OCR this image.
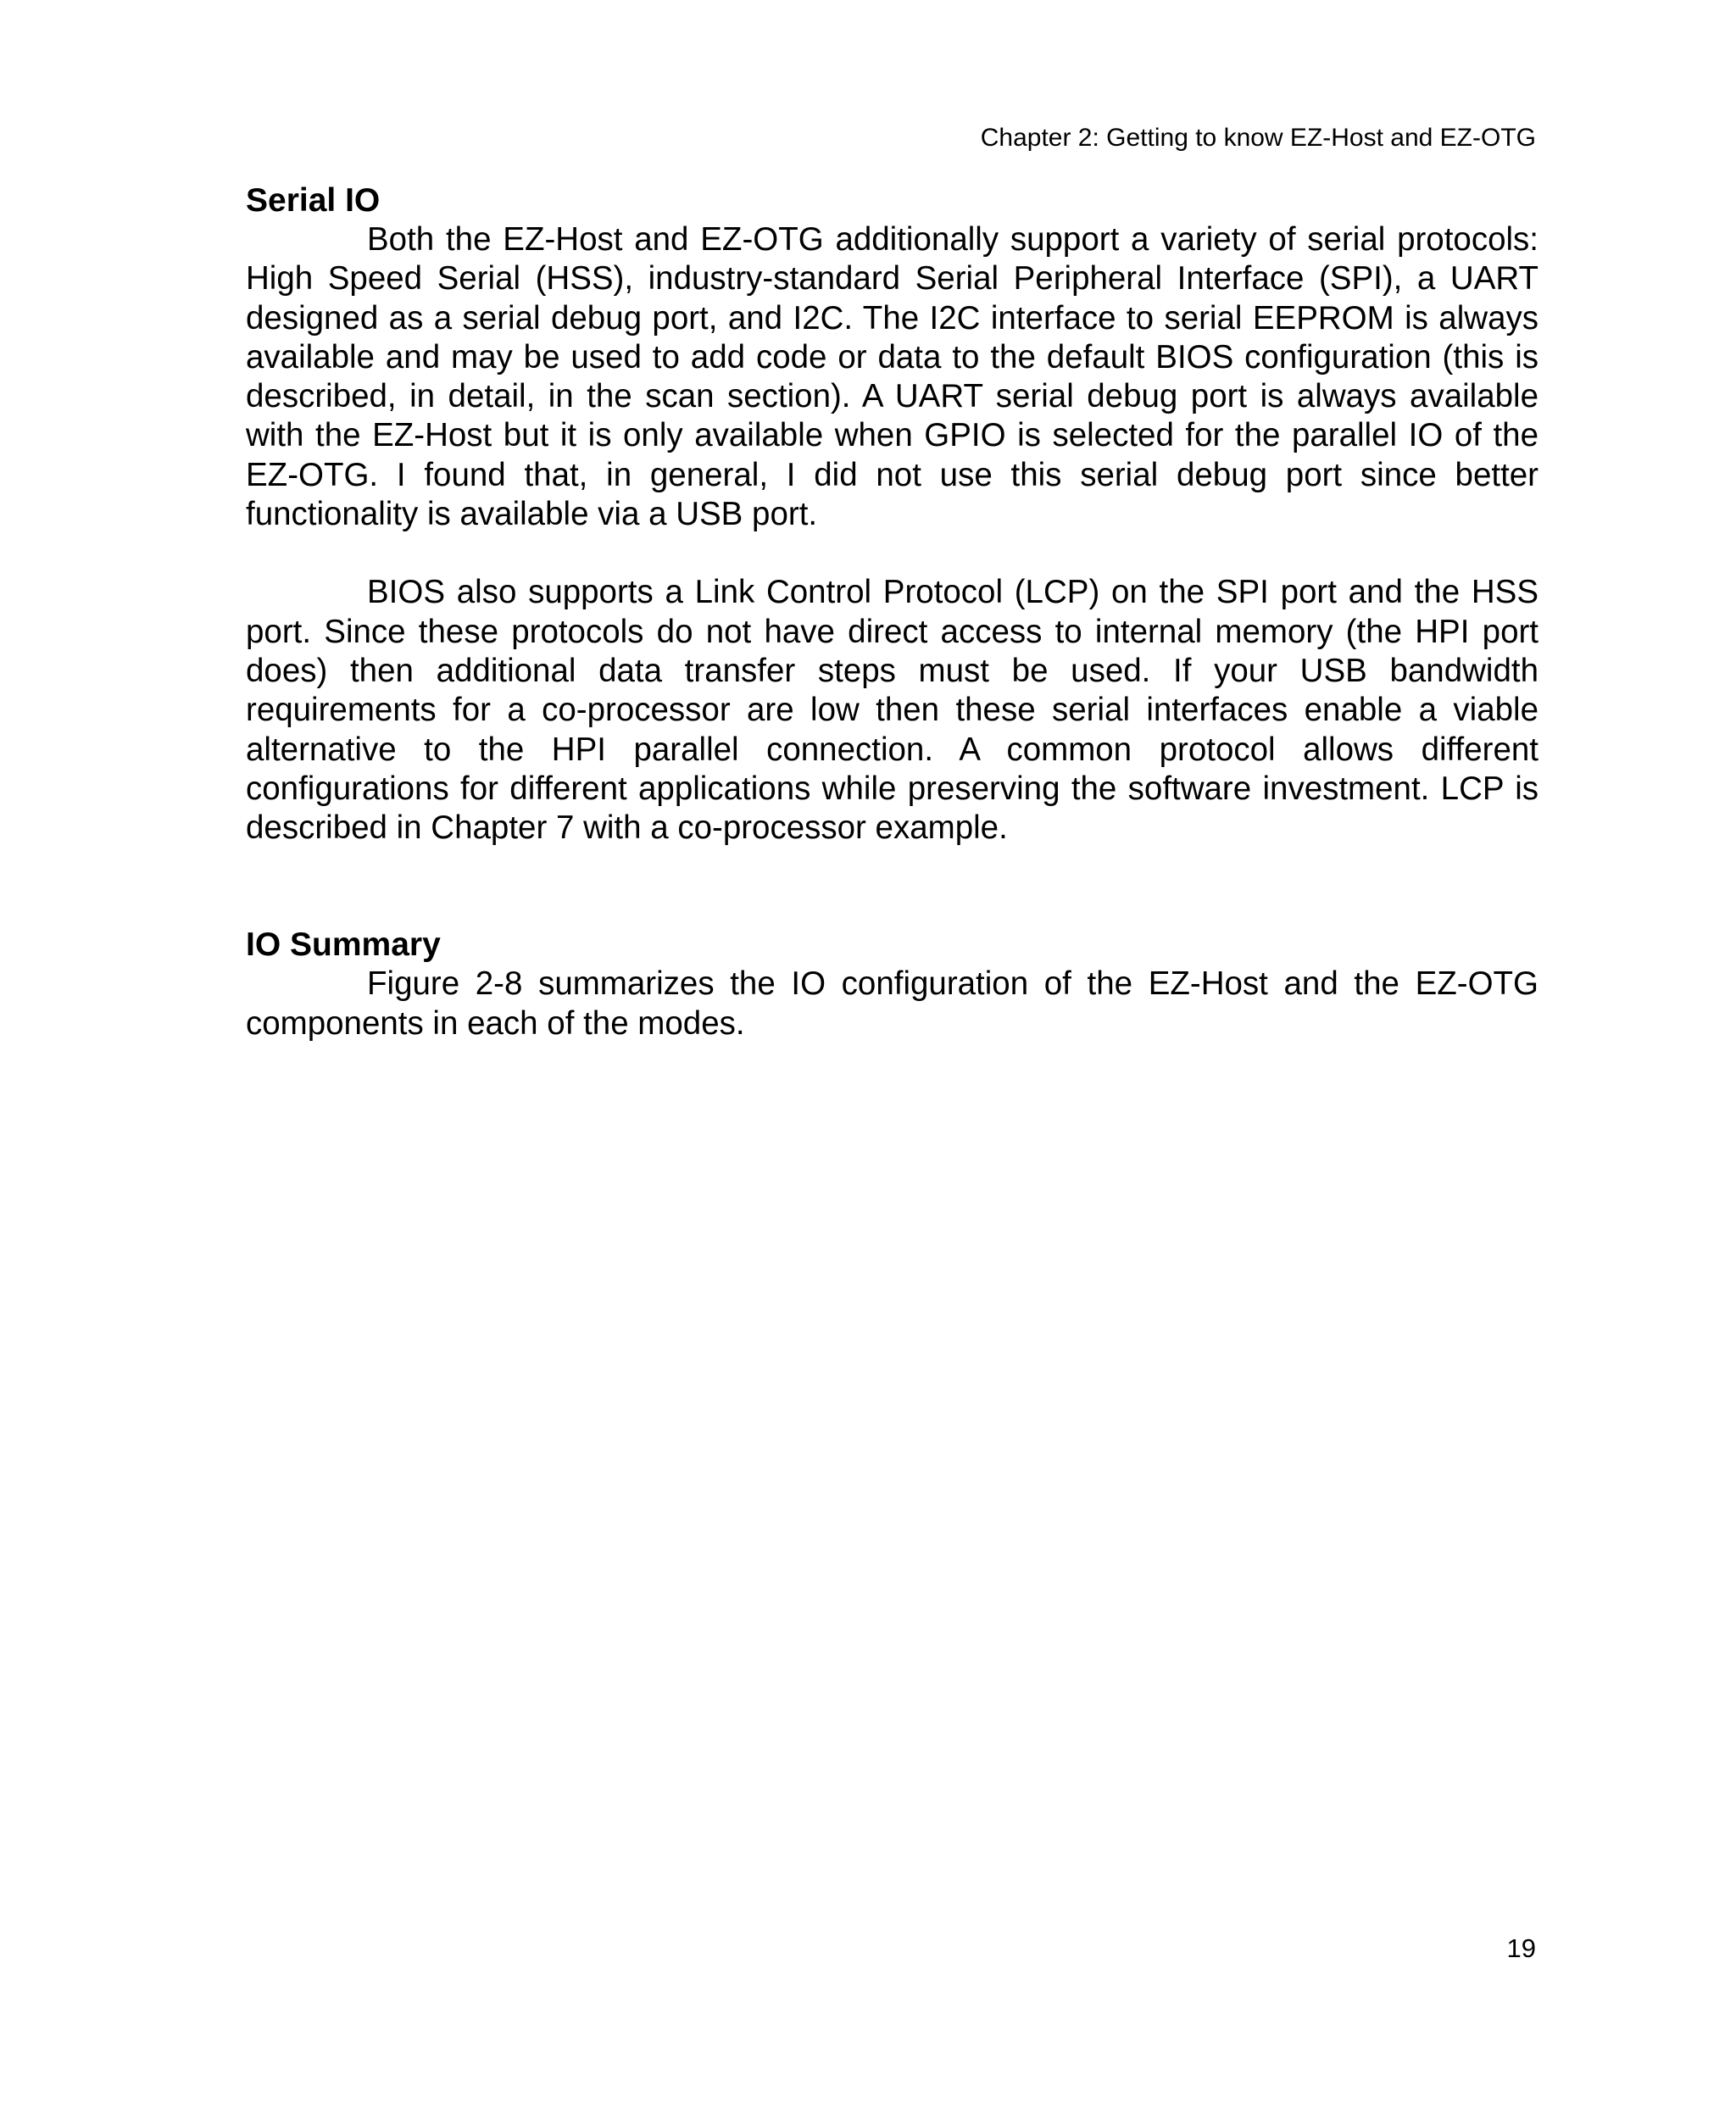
Chapter 2: Getting to know EZ-Host and EZ-OTG
Serial IO

Both the EZ-Host and EZ-OTG additionally support a variety of serial protocols: High Speed Serial (HSS), industry-standard Serial Peripheral Interface (SPI), a UART designed as a serial debug port, and I2C. The I2C interface to serial EEPROM is always available and may be used to add code or data to the default BIOS configuration (this is described, in detail, in the scan section). A UART serial debug port is always available with the EZ-Host but it is only available when GPIO is selected for the parallel IO of the EZ-OTG. I found that, in general, I did not use this serial debug port since better functionality is available via a USB port.

BIOS also supports a Link Control Protocol (LCP) on the SPI port and the HSS port. Since these protocols do not have direct access to internal memory (the HPI port does) then additional data transfer steps must be used. If your USB bandwidth requirements for a co-processor are low then these serial interfaces enable a viable alternative to the HPI parallel connection. A common protocol allows different configurations for different applications while preserving the software investment. LCP is described in Chapter 7 with a co-processor example.

IO Summary

Figure 2-8 summarizes the IO configuration of the EZ-Host and the EZ-OTG components in each of the modes.

19
